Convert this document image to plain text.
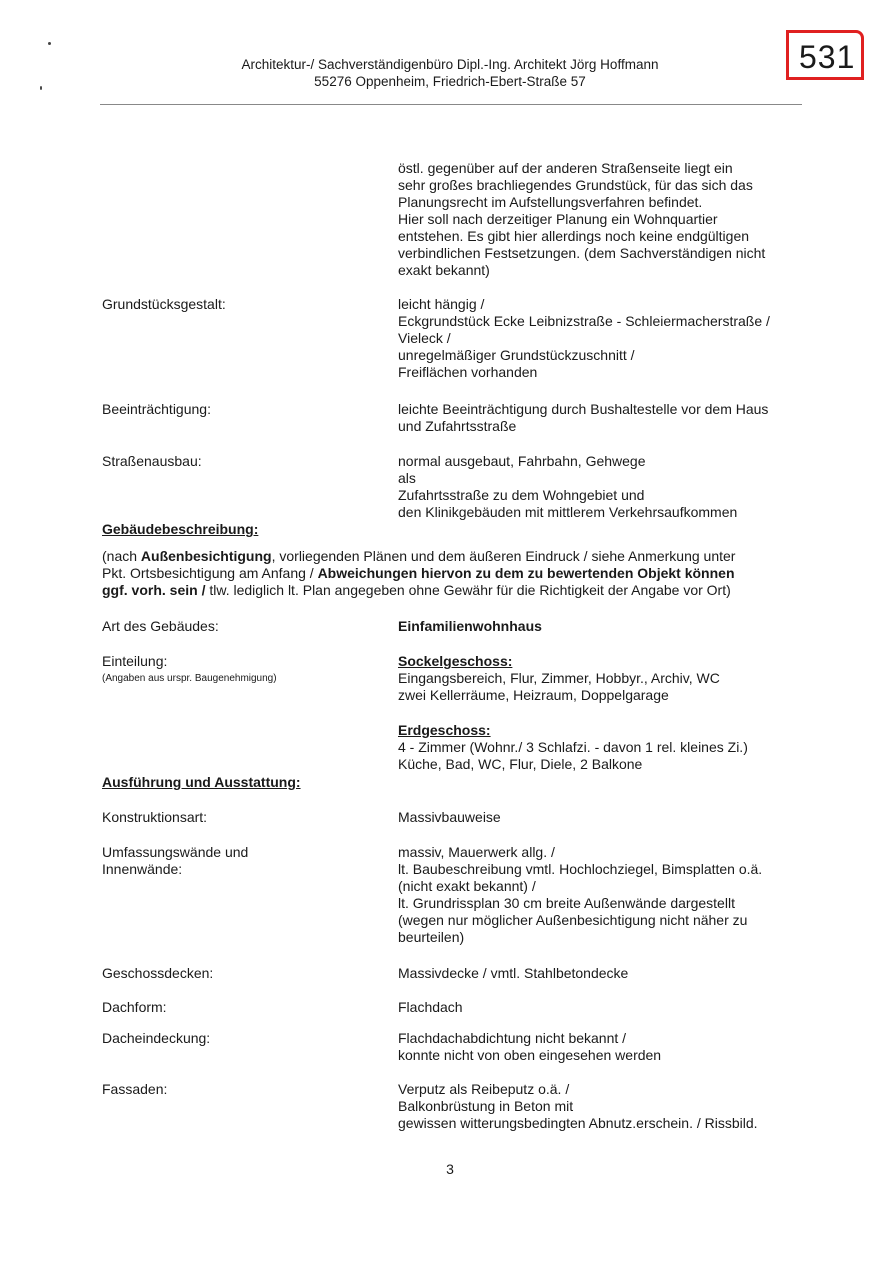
Architektur-/ Sachverständigenbüro Dipl.-Ing. Architekt Jörg Hoffmann
55276 Oppenheim, Friedrich-Ebert-Straße 57
531
östl. gegenüber auf der anderen Straßenseite liegt ein
sehr großes brachliegendes Grundstück, für das sich das
Planungsrecht im Aufstellungsverfahren befindet.
Hier soll nach derzeitiger Planung ein Wohnquartier
entstehen. Es gibt hier allerdings noch keine endgültigen
verbindlichen Festsetzungen. (dem Sachverständigen nicht
exakt bekannt)
Grundstücksgestalt:	leicht hängig /
Eckgrundstück Ecke Leibnizstraße - Schleiermacherstraße /
Vieleck /
unregelmäßiger Grundstückzuschnitt /
Freiflächen vorhanden
Beeinträchtigung:	leichte Beeinträchtigung durch Bushaltestelle vor dem Haus
und Zufahrtsstraße
Straßenausbau:	normal ausgebaut, Fahrbahn, Gehwege
als
Zufahrtsstraße zu dem Wohngebiet und
den Klinikgebäuden mit mittlerem Verkehrsaufkommen
Gebäudebeschreibung:
(nach Außenbesichtigung, vorliegenden Plänen und dem äußeren Eindruck / siehe Anmerkung unter
Pkt. Ortsbesichtigung am Anfang / Abweichungen hiervon zu dem zu bewertenden Objekt können
ggf. vorh. sein / tlw. lediglich lt. Plan angegeben ohne Gewähr für die Richtigkeit der Angabe vor Ort)
Art des Gebäudes:	Einfamilienwohnhaus
Einteilung:
(Angaben aus urspr. Baugenehmigung)
Sockelgeschoss:
Eingangsbereich, Flur, Zimmer, Hobbyr., Archiv, WC
zwei Kellerräume, Heizraum, Doppelgarage
Erdgeschoss:
4 - Zimmer (Wohnr./ 3 Schlafzi. - davon 1 rel. kleines Zi.)
Küche, Bad, WC, Flur, Diele, 2 Balkone
Ausführung und Ausstattung:
Konstruktionsart:	Massivbauweise
Umfassungswände und
Innenwände:
massiv, Mauerwerk allg. /
lt. Baubeschreibung vmtl. Hochlochziegel, Bimsplatten o.ä.
(nicht exakt bekannt) /
lt. Grundrissplan 30 cm breite Außenwände dargestellt
(wegen nur möglicher Außenbesichtigung nicht näher zu
beurteilen)
Geschossdecken:	Massivdecke / vmtl. Stahlbetondecke
Dachform:	Flachdach
Dacheindeckung:	Flachdachabdichtung nicht bekannt /
konnte nicht von oben eingesehen werden
Fassaden:	Verputz als Reibeputz o.ä. /
Balkonbrüstung in Beton mit
gewissen witterungsbedingten Abnutz.erschein. / Rissbild.
3
